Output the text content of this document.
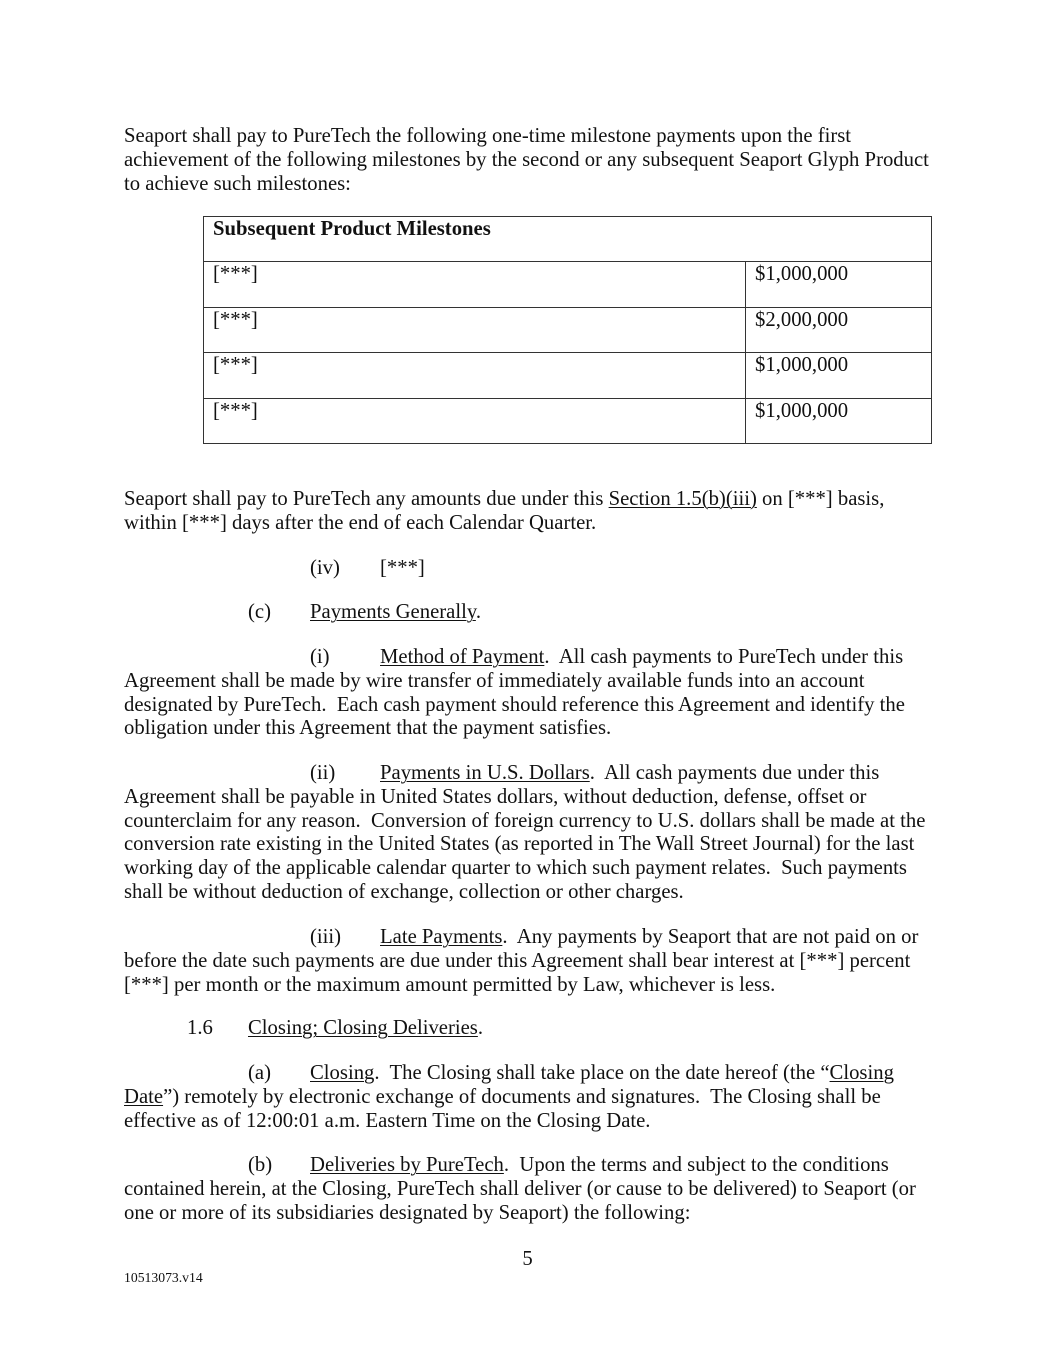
Seaport shall pay to PureTech the following one-time milestone payments upon the first
achievement of the following milestones by the second or any subsequent Seaport Glyph Product
to achieve such milestones:
Subsequent Product Milestones	
[***]	$1,000,000
[***]	$2,000,000
[***]	$1,000,000
[***]	$1,000,000
Seaport shall pay to PureTech any amounts due under this Section 1.5(b)(iii) on [***] basis,
within [***] days after the end of each Calendar Quarter.
(iv) [***]
(c) Payments Generally.
(i) Method of Payment.  All cash payments to PureTech under this
Agreement shall be made by wire transfer of immediately available funds into an account
designated by PureTech.  Each cash payment should reference this Agreement and identify the
obligation under this Agreement that the payment satisfies.
(ii) Payments in U.S. Dollars.  All cash payments due under this
Agreement shall be payable in United States dollars, without deduction, defense, offset or
counterclaim for any reason.  Conversion of foreign currency to U.S. dollars shall be made at the
conversion rate existing in the United States (as reported in The Wall Street Journal) for the last
working day of the applicable calendar quarter to which such payment relates.  Such payments
shall be without deduction of exchange, collection or other charges.
(iii) Late Payments.  Any payments by Seaport that are not paid on or
before the date such payments are due under this Agreement shall bear interest at [***] percent
[***] per month or the maximum amount permitted by Law, whichever is less.
1.6 Closing; Closing Deliveries.
(a) Closing.  The Closing shall take place on the date hereof (the “Closing
Date”) remotely by electronic exchange of documents and signatures.  The Closing shall be
effective as of 12:00:01 a.m. Eastern Time on the Closing Date.
(b) Deliveries by PureTech.  Upon the terms and subject to the conditions
contained herein, at the Closing, PureTech shall deliver (or cause to be delivered) to Seaport (or
one or more of its subsidiaries designated by Seaport) the following:
5
10513073.v14
